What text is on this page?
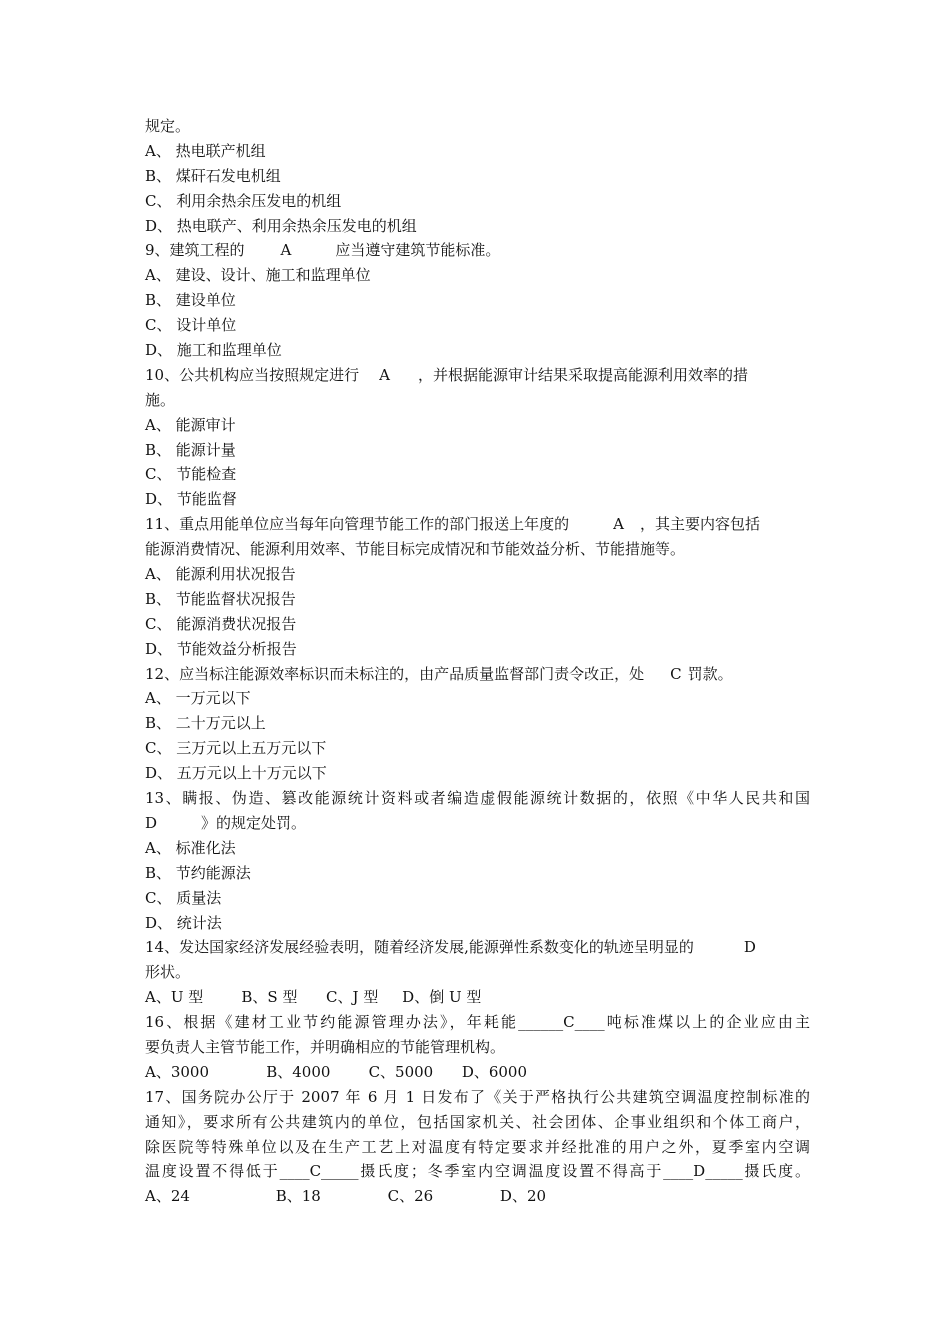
规定。
A、 热电联产机组
B、 煤矸石发电机组
C、 利用余热余压发电的机组
D、 热电联产、利用余热余压发电的机组
9、建筑工程的 A	应当遵守建筑节能标准。
A、 建设、设计、施工和监理单位
B、 建设单位
C、 设计单位
D、 施工和监理单位
10、公共机构应当按照规定进行 A ，并根据能源审计结果采取提高能源利用效率的措
施。
A、 能源审计
B、 能源计量
C、 节能检查
D、 节能监督
11、重点用能单位应当每年向管理节能工作的部门报送上年度的	A ，其主要内容包括
能源消费情况、能源利用效率、节能目标完成情况和节能效益分析、节能措施等。
A、 能源利用状况报告
B、 节能监督状况报告
C、 能源消费状况报告
D、 节能效益分析报告
12、应当标注能源效率标识而未标注的，由产品质量监督部门责令改正，处 C 罚款。
A、 一万元以下
B、 二十万元以上
C、 三万元以上五万元以下
D、 五万元以上十万元以下
13、瞒报、伪造、篡改能源统计资料或者编造虚假能源统计数据的，依照《中华人民共和国
D	》的规定处罚。
A、 标准化法
B、 节约能源法
C、 质量法
D、 统计法
14、发达国家经济发展经验表明，随着经济发展,能源弹性系数变化的轨迹呈明显的	D
形状。
A、U 型        B、S 型      C、J 型     D、倒 U 型
16、根据《建材工业节约能源管理办法》，年耗能______C____吨标准煤以上的企业应由主
要负责人主管节能工作，并明确相应的节能管理机构。
A、3000            B、4000        C、5000      D、6000
17、国务院办公厅于 2007 年 6 月 1 日发布了《关于严格执行公共建筑空调温度控制标准的
通知》，要求所有公共建筑内的单位，包括国家机关、社会团体、企事业组织和个体工商户，
除医院等特殊单位以及在生产工艺上对温度有特定要求并经批准的用户之外，夏季室内空调
温度设置不得低于____C_____摄氏度；冬季室内空调温度设置不得高于____D_____摄氏度。
A、24                  B、18              C、26              D、20
